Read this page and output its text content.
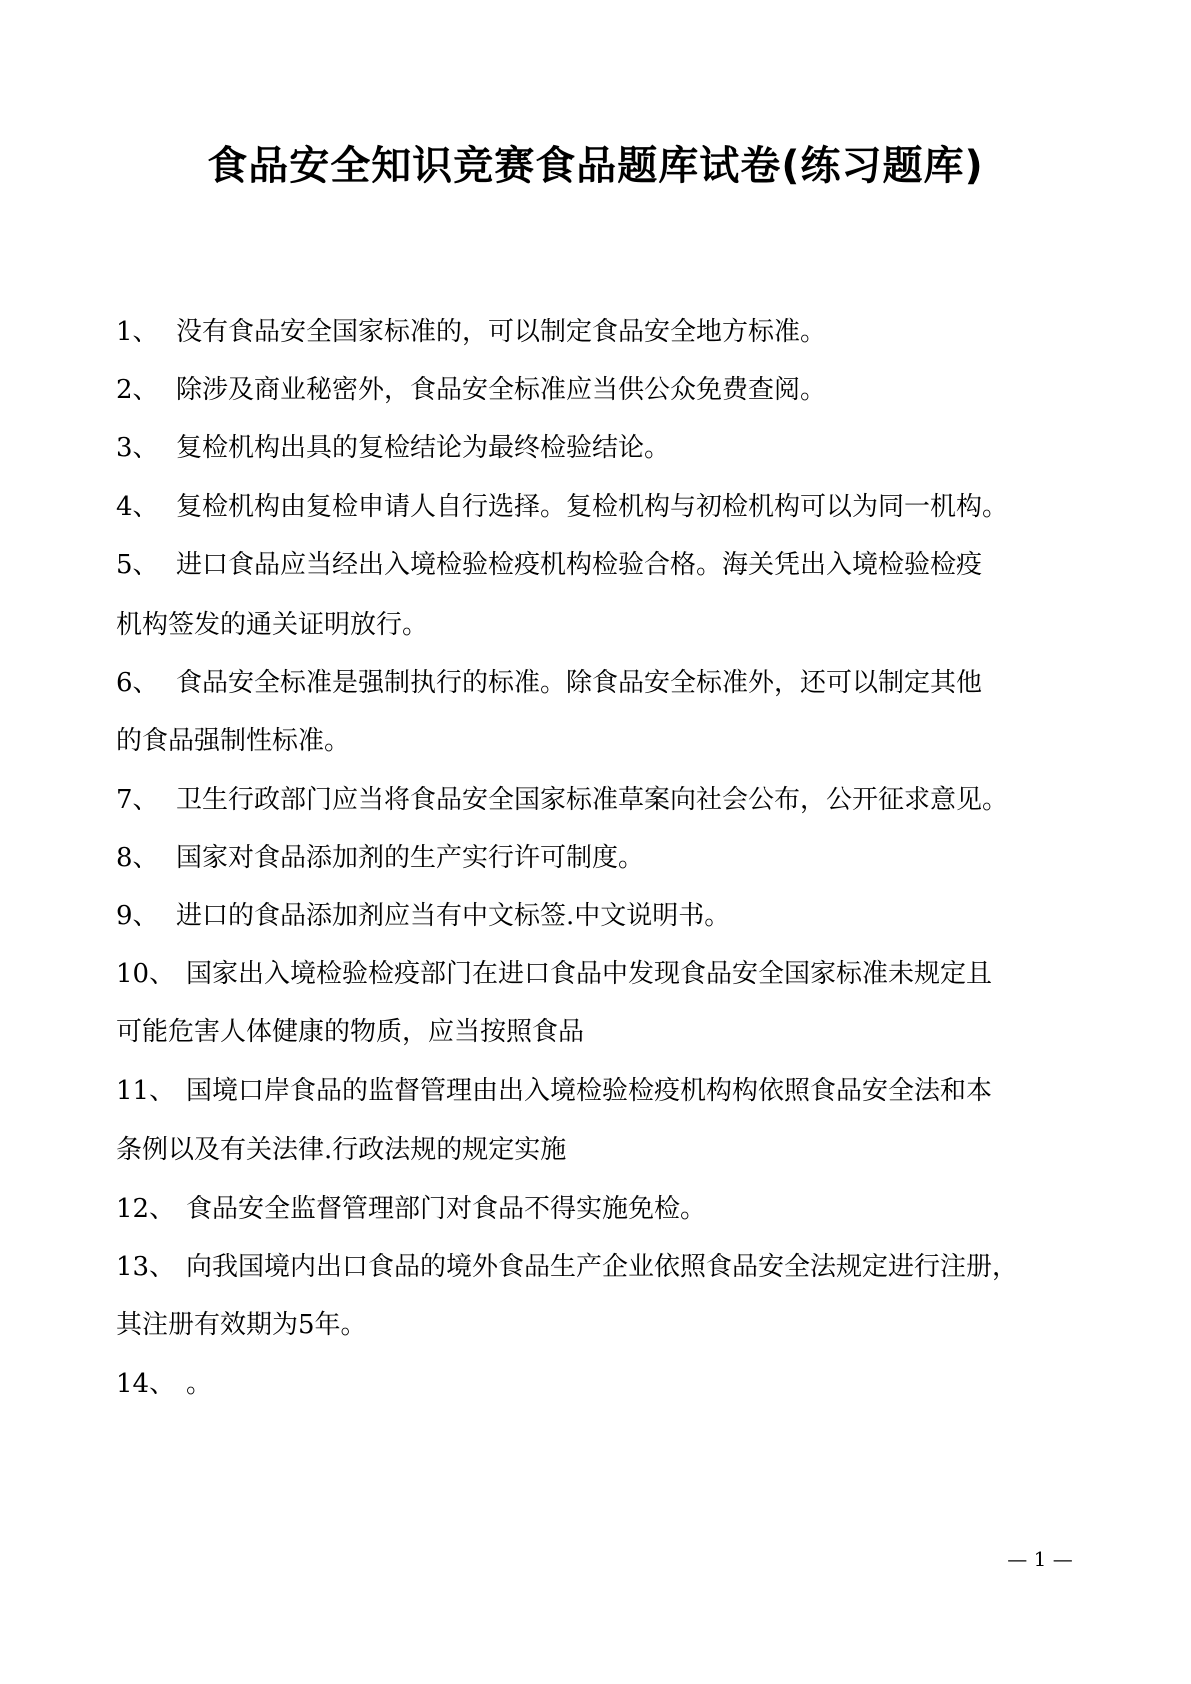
食品安全知识竞赛食品题库试卷(练习题库)
1、 没有食品安全国家标准的，可以制定食品安全地方标准。
2、 除涉及商业秘密外，食品安全标准应当供公众免费查阅。
3、 复检机构出具的复检结论为最终检验结论。
4、 复检机构由复检申请人自行选择。复检机构与初检机构可以为同一机构。
5、 进口食品应当经出入境检验检疫机构检验合格。海关凭出入境检验检疫
机构签发的通关证明放行。
6、 食品安全标准是强制执行的标准。除食品安全标准外，还可以制定其他
的食品强制性标准。
7、 卫生行政部门应当将食品安全国家标准草案向社会公布，公开征求意见。
8、 国家对食品添加剂的生产实行许可制度。
9、 进口的食品添加剂应当有中文标签.中文说明书。
10、 国家出入境检验检疫部门在进口食品中发现食品安全国家标准未规定且
可能危害人体健康的物质，应当按照食品
11、 国境口岸食品的监督管理由出入境检验检疫机构构依照食品安全法和本
条例以及有关法律.行政法规的规定实施
12、 食品安全监督管理部门对食品不得实施免检。
13、 向我国境内出口食品的境外食品生产企业依照食品安全法规定进行注册，
其注册有效期为5年。
14、 。
— 1 —
